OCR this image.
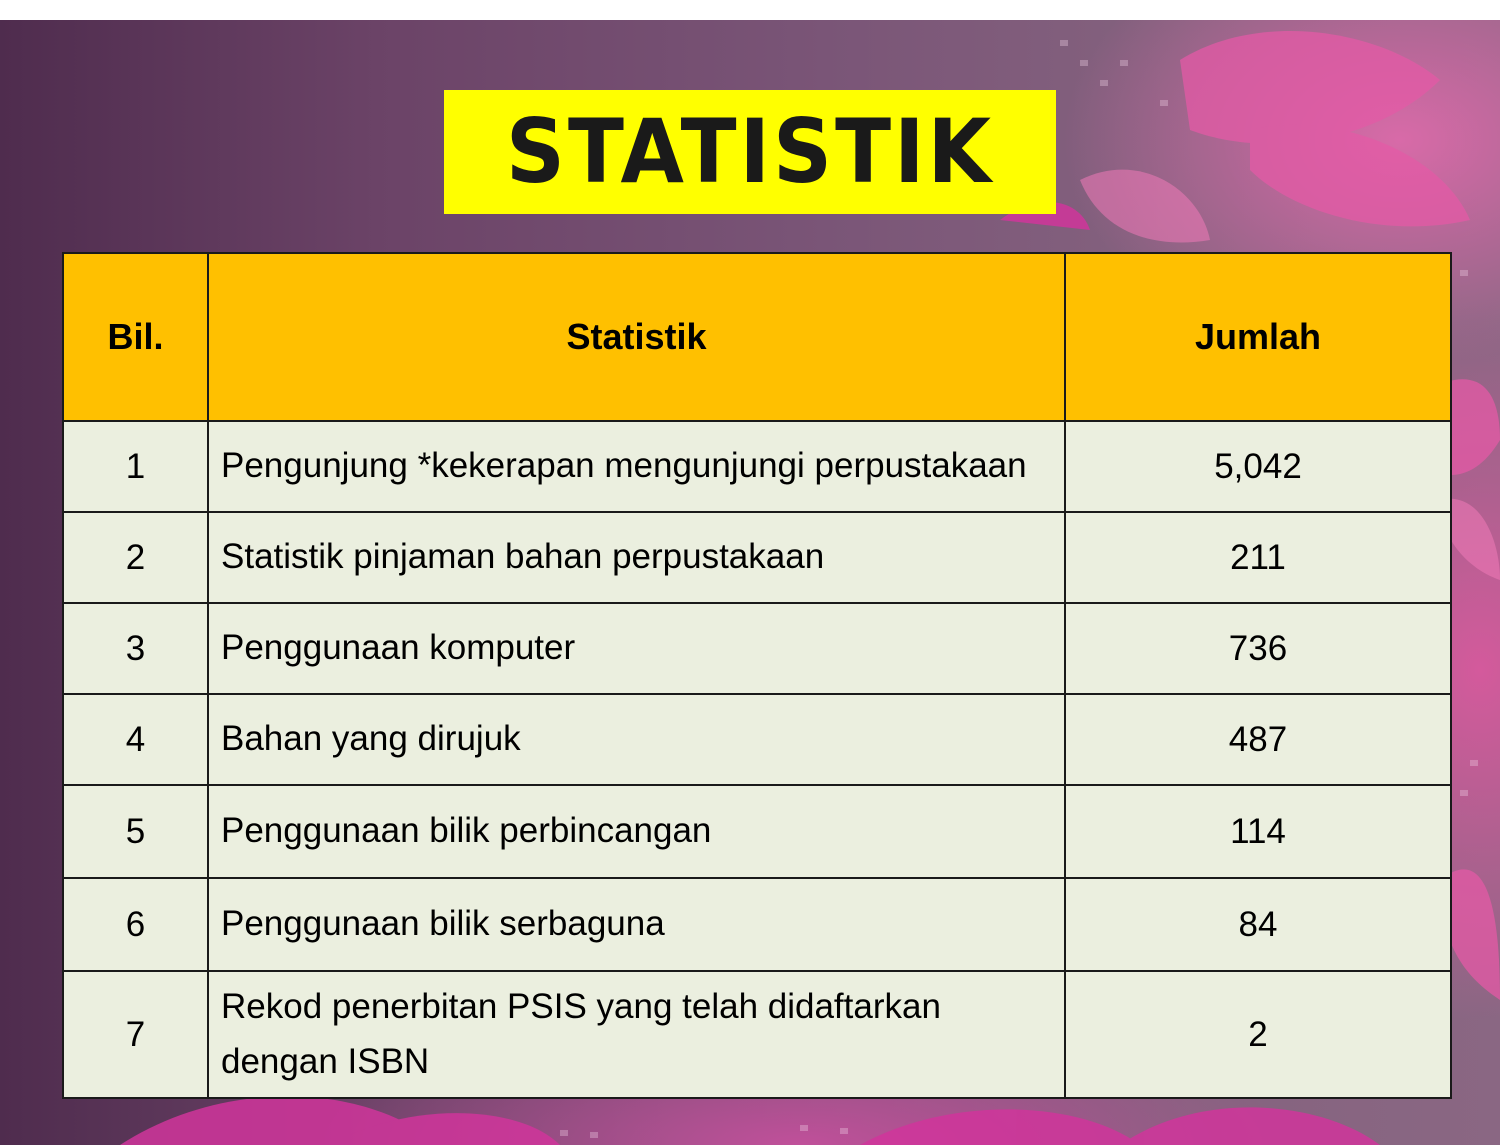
STATISTIK
Bil.	Statistik	Jumlah
1	Pengunjung *kekerapan mengunjungi perpustakaan	5,042
2	Statistik pinjaman bahan perpustakaan	211
3	Penggunaan komputer	736
4	Bahan yang dirujuk	487
5	Penggunaan bilik perbincangan	114
6	Penggunaan bilik serbaguna	84
7	Rekod penerbitan PSIS yang telah didaftarkan dengan ISBN	2
